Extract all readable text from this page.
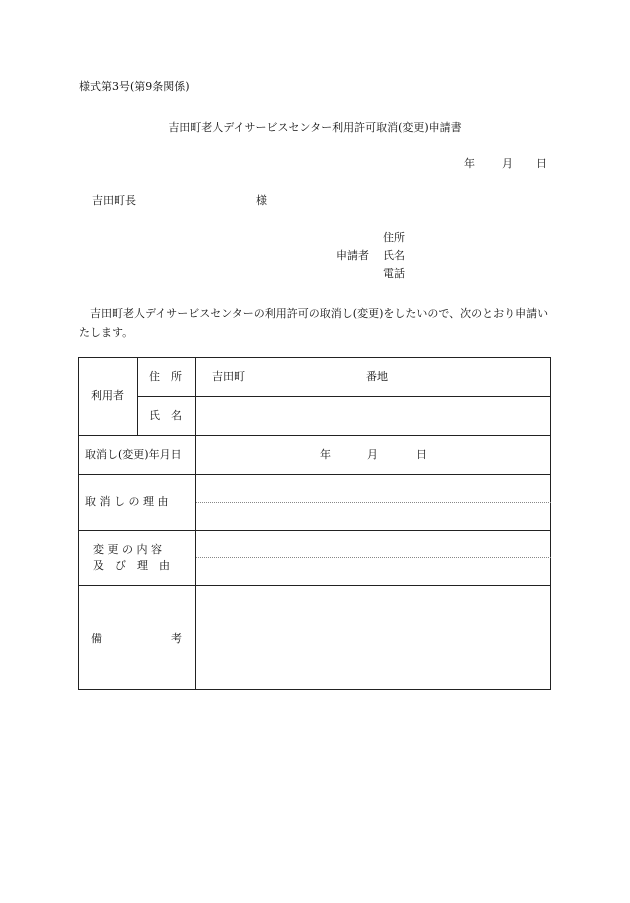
様式第3号(第9条関係)
吉田町老人デイサービスセンター利用許可取消(変更)申請書
年 月 日
吉田町長	様
住所
申請者 氏名
電話
吉田町老人デイサービスセンターの利用許可の取消し(変更)をしたいので、次のとおり申請いたします。
利用者
住　所	吉田町	番地
氏　名
取消し(変更)年月日	年	月	日
取 消 し の 理 由
変 更 の 内 容
及　び　理　由
備	考
